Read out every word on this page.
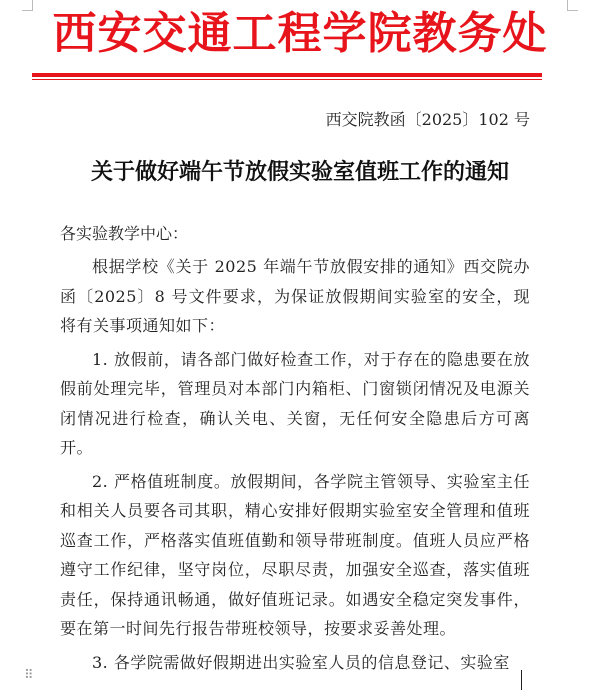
西安交通工程学院教务处
西交院教函〔2025〕102 号
关于做好端午节放假实验室值班工作的通知
各实验教学中心：

根据学校《关于 2025 年端午节放假安排的通知》西交院办函〔2025〕8 号文件要求，为保证放假期间实验室的安全，现将有关事项通知如下：

1. 放假前，请各部门做好检查工作，对于存在的隐患要在放假前处理完毕，管理员对本部门内箱柜、门窗锁闭情况及电源关闭情况进行检查，确认关电、关窗，无任何安全隐患后方可离开。

2. 严格值班制度。放假期间，各学院主管领导、实验室主任和相关人员要各司其职，精心安排好假期实验室安全管理和值班巡查工作，严格落实值班值勤和领导带班制度。值班人员应严格遵守工作纪律，坚守岗位，尽职尽责，加强安全巡查，落实值班责任，保持通讯畅通，做好值班记录。如遇安全稳定突发事件，要在第一时间先行报告带班校领导，按要求妥善处理。

3. 各学院需做好假期进出实验室人员的信息登记、实验室

⠿
